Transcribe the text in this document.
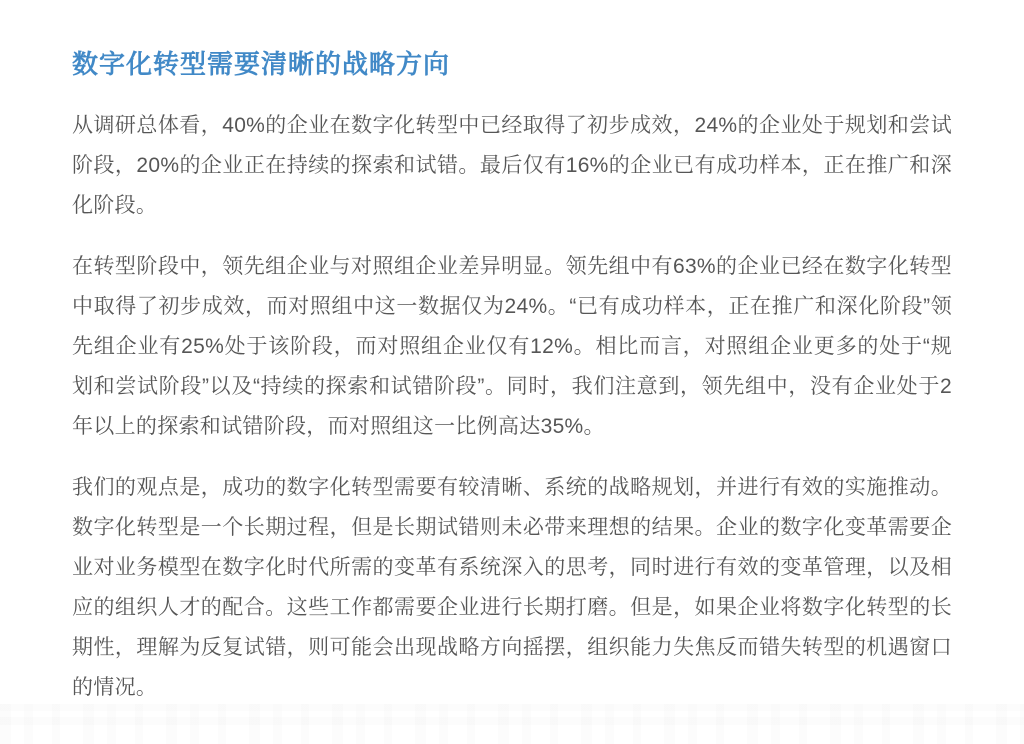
数字化转型需要清晰的战略方向

从调研总体看，40%的企业在数字化转型中已经取得了初步成效，24%的企业处于规划和尝试阶段，20%的企业正在持续的探索和试错。最后仅有16%的企业已有成功样本，正在推广和深化阶段。

在转型阶段中，领先组企业与对照组企业差异明显。领先组中有63%的企业已经在数字化转型中取得了初步成效，而对照组中这一数据仅为24%。“已有成功样本，正在推广和深化阶段”领先组企业有25%处于该阶段，而对照组企业仅有12%。相比而言，对照组企业更多的处于“规划和尝试阶段”以及“持续的探索和试错阶段”。同时，我们注意到，领先组中，没有企业处于2年以上的探索和试错阶段，而对照组这一比例高达35%。

我们的观点是，成功的数字化转型需要有较清晰、系统的战略规划，并进行有效的实施推动。数字化转型是一个长期过程，但是长期试错则未必带来理想的结果。企业的数字化变革需要企业对业务模型在数字化时代所需的变革有系统深入的思考，同时进行有效的变革管理，以及相应的组织人才的配合。这些工作都需要企业进行长期打磨。但是，如果企业将数字化转型的长期性，理解为反复试错，则可能会出现战略方向摇摆，组织能力失焦反而错失转型的机遇窗口的情况。
